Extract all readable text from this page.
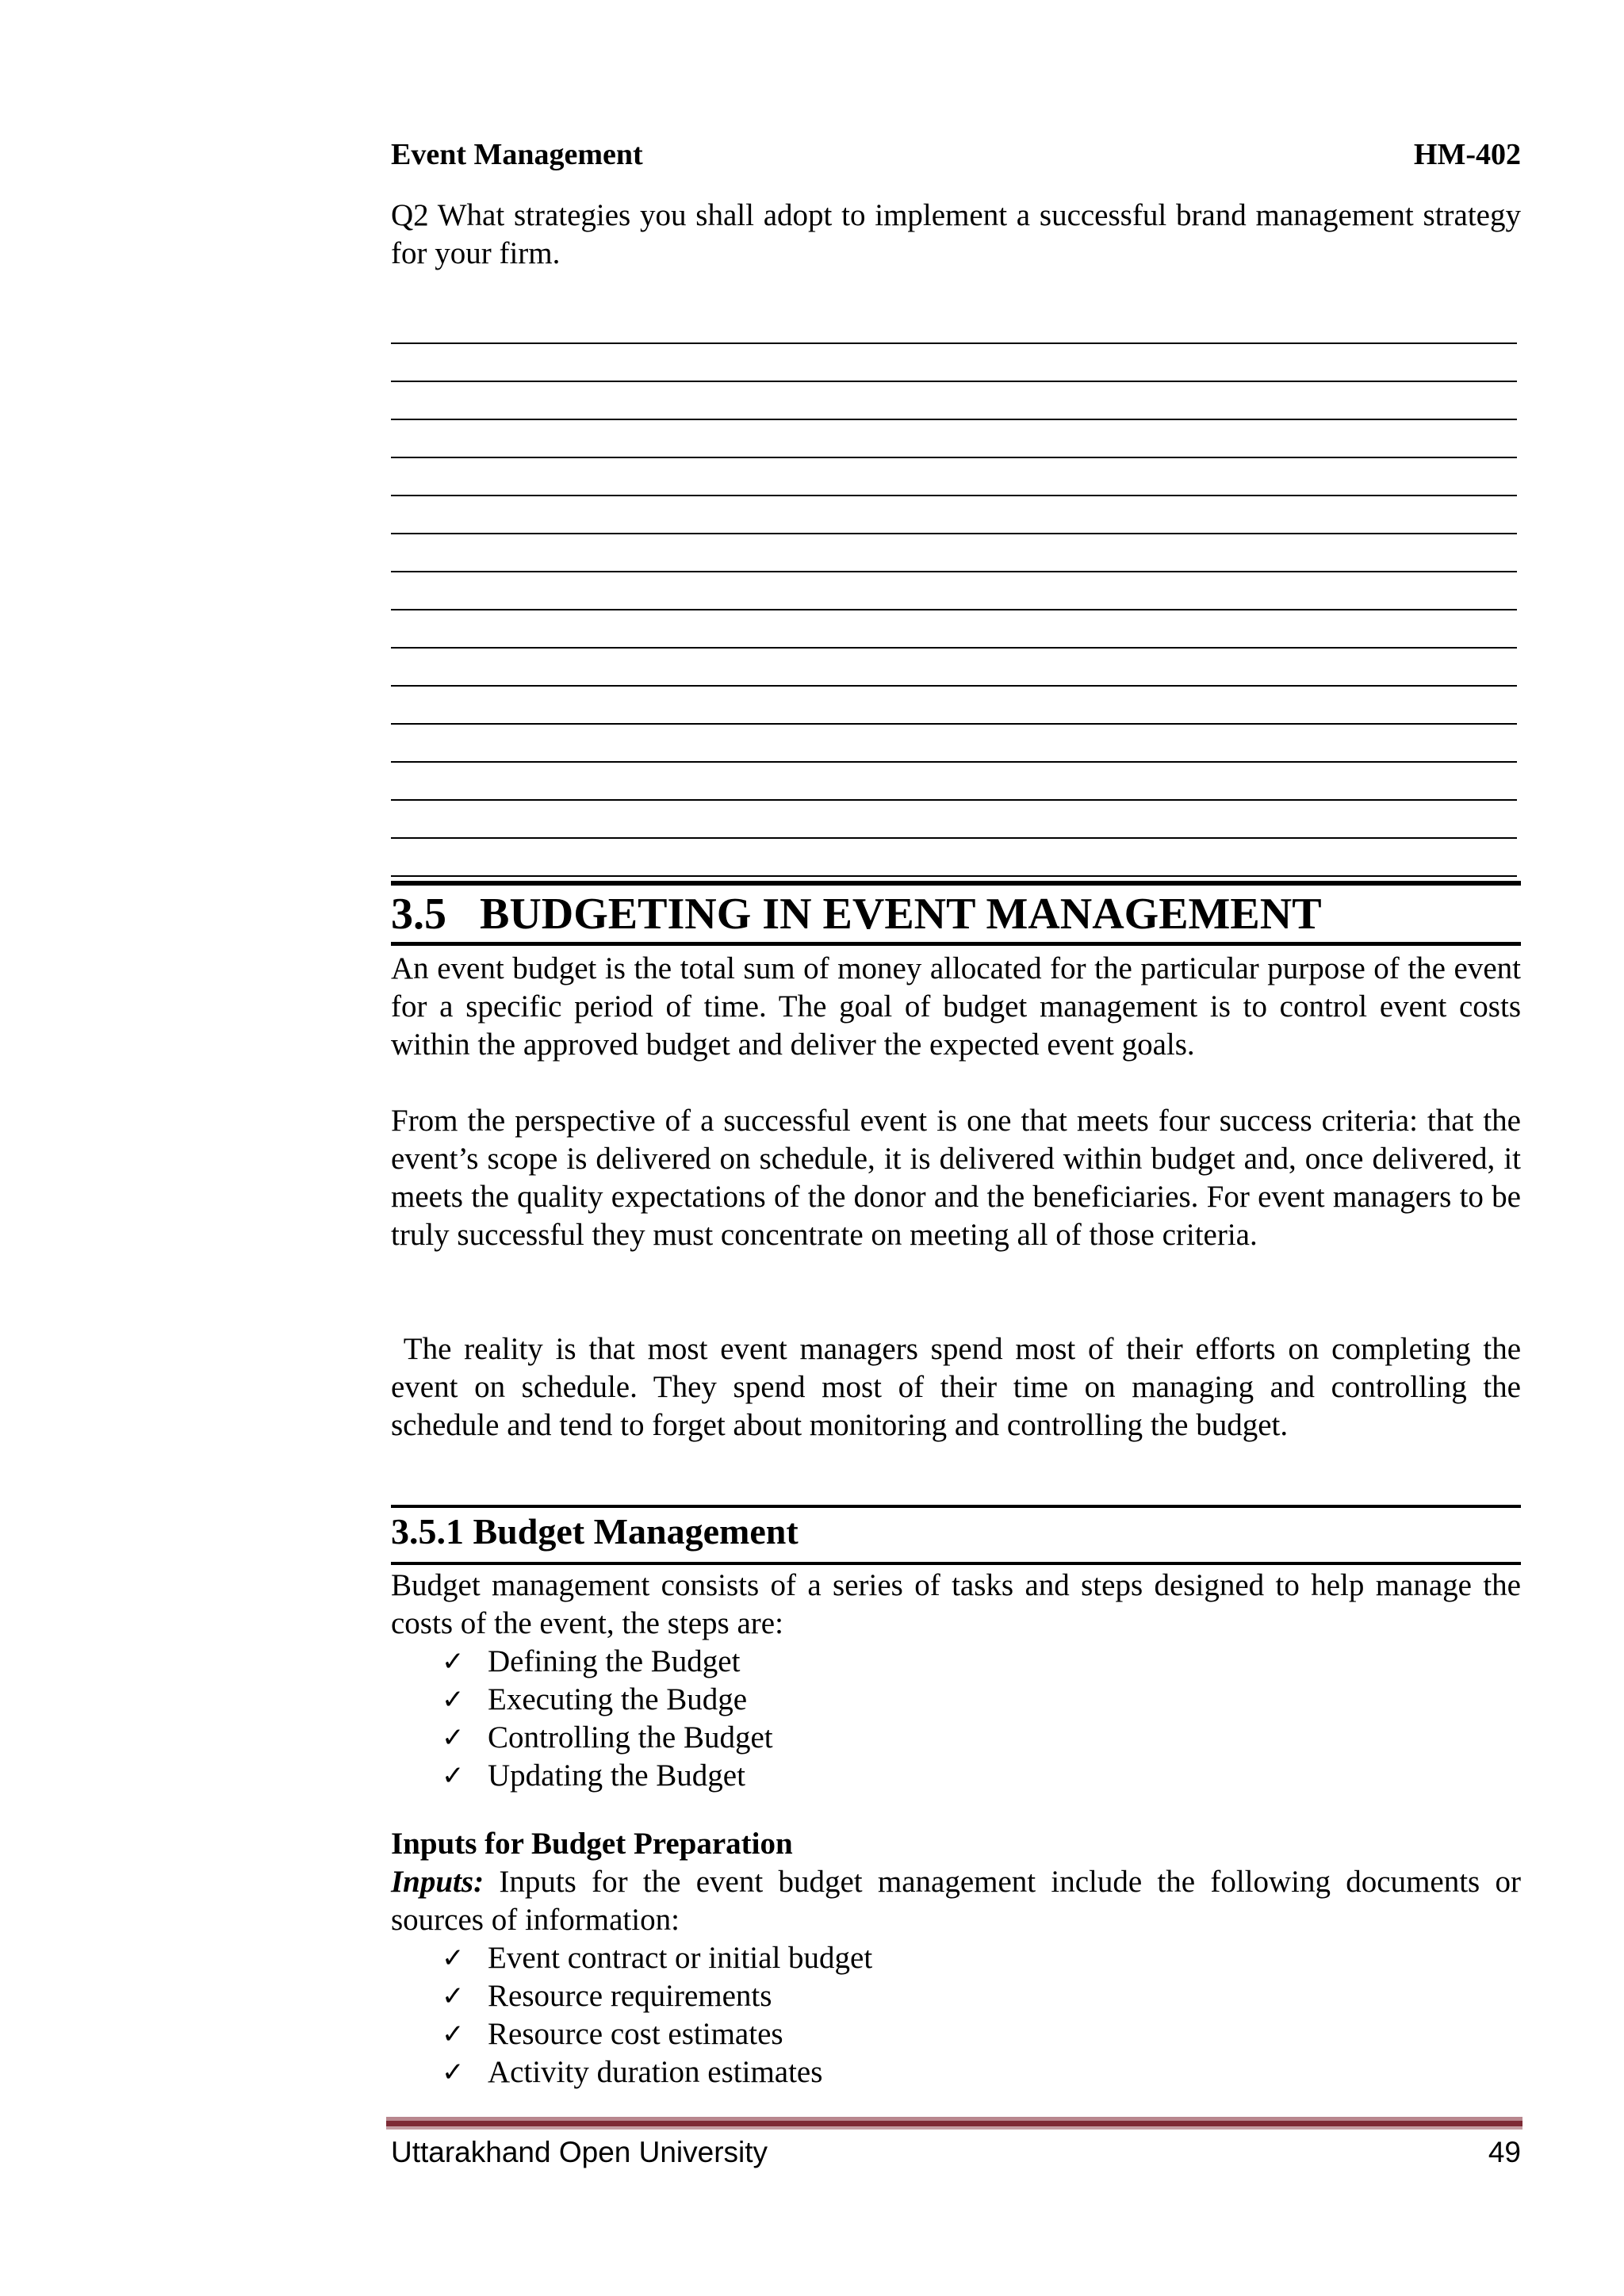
Event Management	HM-402
Q2 What strategies you shall adopt to implement a successful brand management strategy for your firm.
3.5 BUDGETING IN EVENT MANAGEMENT

An event budget is the total sum of money allocated for the particular purpose of the event for a specific period of time. The goal of budget management is to control event costs within the approved budget and deliver the expected event goals.

From the perspective of a successful event is one that meets four success criteria: that the event’s scope is delivered on schedule, it is delivered within budget and, once delivered, it meets the quality expectations of the donor and the beneficiaries. For event managers to be truly successful they must concentrate on meeting all of those criteria.

The reality is that most event managers spend most of their efforts on completing the event on schedule. They spend most of their time on managing and controlling the schedule and tend to forget about monitoring and controlling the budget.

3.5.1 Budget Management

Budget management consists of a series of tasks and steps designed to help manage the costs of the event, the steps are:

✓ Defining the Budget
✓ Executing the Budge
✓ Controlling the Budget
✓ Updating the Budget
Inputs for Budget Preparation

Inputs: Inputs for the event budget management include the following documents or sources of information:

✓ Event contract or initial budget
✓ Resource requirements
✓ Resource cost estimates
✓ Activity duration estimates
Uttarakhand Open University	49
